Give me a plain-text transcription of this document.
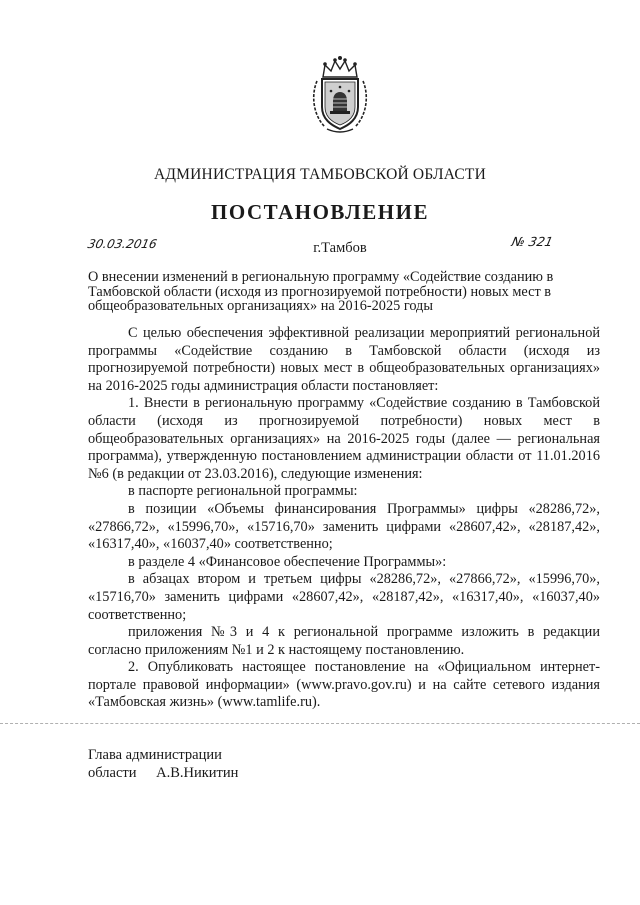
АДМИНИСТРАЦИЯ ТАМБОВСКОЙ ОБЛАСТИ
ПОСТАНОВЛЕНИЕ
30.03.2016	г.Тамбов	№ 321
О внесении изменений в региональную программу «Содействие созданию в Тамбовской области (исходя из прогнозируемой потребности) новых мест в общеобразовательных организациях» на 2016-2025 годы

С целью обеспечения эффективной реализации мероприятий региональной программы «Содействие созданию в Тамбовской области (исходя из прогнозируемой потребности) новых мест в общеобразовательных организациях» на 2016-2025 годы администрация области постановляет:

1. Внести в региональную программу «Содействие созданию в Тамбовской области (исходя из прогнозируемой потребности) новых мест в общеобразовательных организациях» на 2016-2025 годы (далее — региональная программа), утвержденную постановлением администрации области от 11.01.2016 №6 (в редакции от 23.03.2016), следующие изменения:

в паспорте региональной программы:

в позиции «Объемы финансирования Программы» цифры «28286,72», «27866,72», «15996,70», «15716,70» заменить цифрами «28607,42», «28187,42», «16317,40», «16037,40» соответственно;

в разделе 4 «Финансовое обеспечение Программы»:

в абзацах втором и третьем цифры «28286,72», «27866,72», «15996,70», «15716,70» заменить цифрами «28607,42», «28187,42», «16317,40», «16037,40» соответственно;

приложения №3 и 4 к региональной программе изложить в редакции согласно приложениям №1 и 2 к настоящему постановлению.

2. Опубликовать настоящее постановление на «Официальном интернет-портале правовой информации» (www.pravo.gov.ru) и на сайте сетевого издания «Тамбовская жизнь» (www.tamlife.ru).

Глава администрации
области А.В.Никитин
